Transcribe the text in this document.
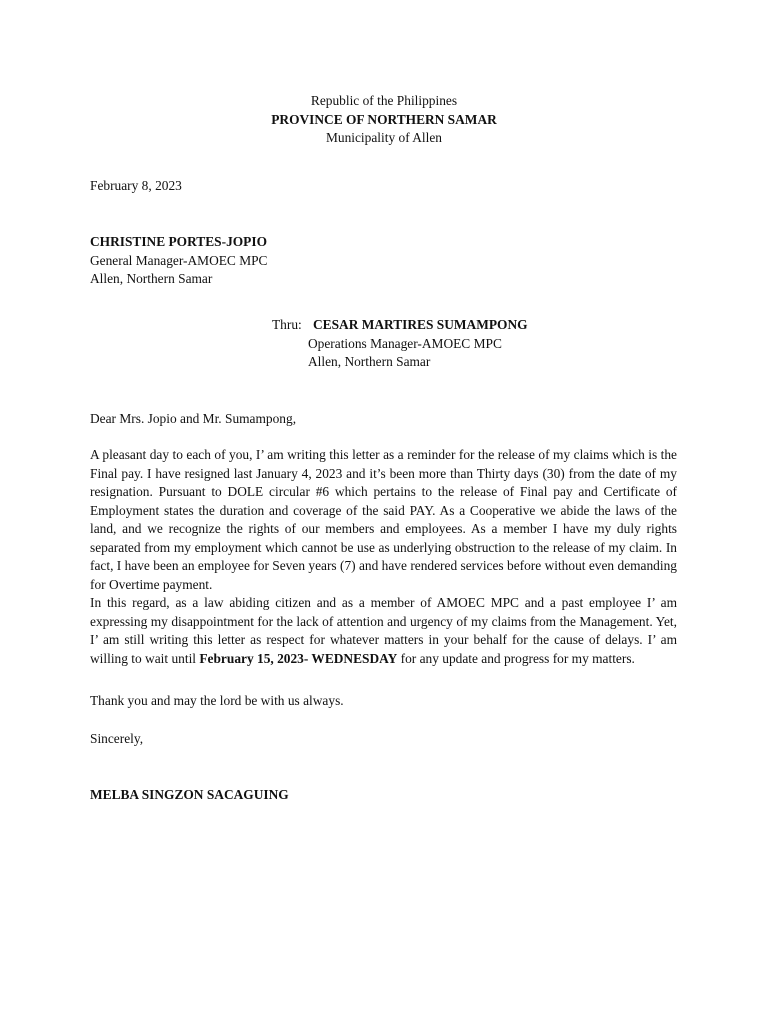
Republic of the Philippines
PROVINCE OF NORTHERN SAMAR
Municipality of Allen
February 8, 2023
CHRISTINE PORTES-JOPIO
General Manager-AMOEC MPC
Allen, Northern Samar
Thru: CESAR MARTIRES SUMAMPONG
Operations Manager-AMOEC MPC
Allen, Northern Samar
Dear Mrs. Jopio and Mr. Sumampong,

A pleasant day to each of you, I’ am writing this letter as a reminder for the release of my claims which is the Final pay. I have resigned last January 4, 2023 and it’s been more than Thirty days (30) from the date of my resignation. Pursuant to DOLE circular #6 which pertains to the release of Final pay and Certificate of Employment states the duration and coverage of the said PAY. As a Cooperative we abide the laws of the land, and we recognize the rights of our members and employees. As a member I have my duly rights separated from my employment which cannot be use as underlying obstruction to the release of my claim. In fact, I have been an employee for Seven years (7) and have rendered services before without even demanding for Overtime payment.

In this regard, as a law abiding citizen and as a member of AMOEC MPC and a past employee I’ am expressing my disappointment for the lack of attention and urgency of my claims from the Management. Yet, I’ am still writing this letter as respect for whatever matters in your behalf for the cause of delays. I’ am willing to wait until February 15, 2023- WEDNESDAY for any update and progress for my matters.

Thank you and may the lord be with us always.
Sincerely,
MELBA SINGZON SACAGUING
